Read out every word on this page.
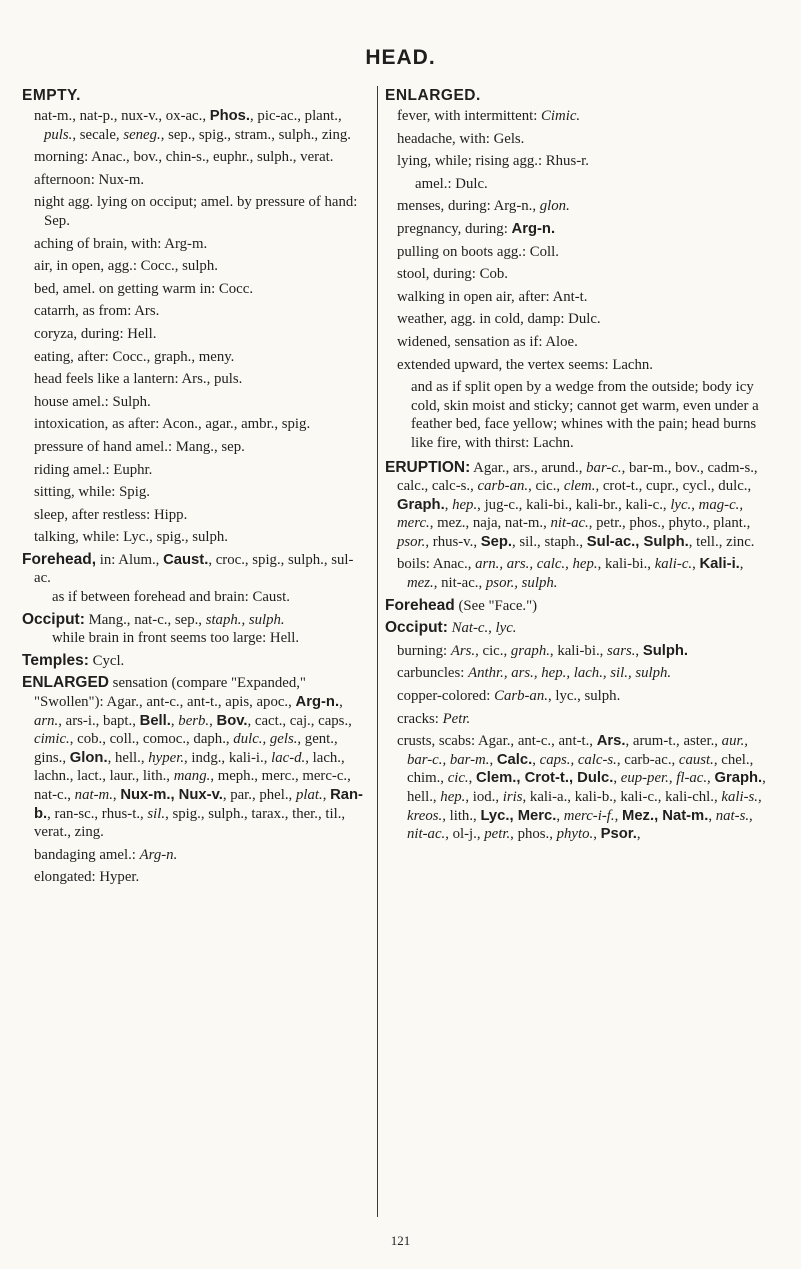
HEAD.
EMPTY.

nat-m., nat-p., nux-v., ox-ac., Phos., pic-ac., plant., puls., secale, seneg., sep., spig., stram., sulph., zing.

morning: Anac., bov., chin-s., euphr., sulph., verat.

afternoon: Nux-m.

night agg. lying on occiput; amel. by pressure of hand: Sep.

aching of brain, with: Arg-m.

air, in open, agg.: Cocc., sulph.

bed, amel. on getting warm in: Cocc.

catarrh, as from: Ars.

coryza, during: Hell.

eating, after: Cocc., graph., meny.

head feels like a lantern: Ars., puls.

house amel.: Sulph.

intoxication, as after: Acon., agar., ambr., spig.

pressure of hand amel.: Mang., sep.

riding amel.: Euphr.

sitting, while: Spig.

sleep, after restless: Hipp.

talking, while: Lyc., spig., sulph.

Forehead, in: Alum., Caust., croc., spig., sulph., sul-ac.

as if between forehead and brain: Caust.

Occiput: Mang., nat-c., sep., staph., sulph.

while brain in front seems too large: Hell.

Temples: Cycl.

ENLARGED sensation (compare "Expanded," "Swollen"): Agar., ant-c., ant-t., apis, apoc., Arg-n., arn., ars-i., bapt., Bell., berb., Bov., cact., caj., caps., cimic., cob., coll., comoc., daph., dulc., gels., gent., gins., Glon., hell., hyper., indg., kali-i., lac-d., lach., lachn., lact., laur., lith., mang., meph., merc., merc-c., nat-c., nat-m., Nux-m., Nux-v., par., phel., plat., Ran-b., ran-sc., rhus-t., sil., spig., sulph., tarax., ther., til., verat., zing.

bandaging amel.: Arg-n.

elongated: Hyper.

ENLARGED.

fever, with intermittent: Cimic.

headache, with: Gels.

lying, while; rising agg.: Rhus-r.

amel.: Dulc.

menses, during: Arg-n., glon.

pregnancy, during: Arg-n.

pulling on boots agg.: Coll.

stool, during: Cob.

walking in open air, after: Ant-t.

weather, agg. in cold, damp: Dulc.

widened, sensation as if: Aloe.

extended upward, the vertex seems: Lachn.

and as if split open by a wedge from the outside; body icy cold, skin moist and sticky; cannot get warm, even under a feather bed, face yellow; whines with the pain; head burns like fire, with thirst: Lachn.

ERUPTION: Agar., ars., arund., bar-c., bar-m., bov., cadm-s., calc., calc-s., carb-an., cic., clem., crot-t., cupr., cycl., dulc., Graph., hep., jug-c., kali-bi., kali-br., kali-c., lyc., mag-c., merc., mez., naja, nat-m., nit-ac., petr., phos., phyto., plant., psor., rhus-v., Sep., sil., staph., Sul-ac., Sulph., tell., zinc.

boils: Anac., arn., ars., calc., hep., kali-bi., kali-c., Kali-i., mez., nit-ac., psor., sulph.

Forehead (See "Face.")

Occiput: Nat-c., lyc.

burning: Ars., cic., graph., kali-bi., sars., Sulph.

carbuncles: Anthr., ars., hep., lach., sil., sulph.

copper-colored: Carb-an., lyc., sulph.

cracks: Petr.

crusts, scabs: Agar., ant-c., ant-t., Ars., arum-t., aster., aur., bar-c., bar-m., Calc., caps., calc-s., carb-ac., caust., chel., chim., cic., Clem., Crot-t., Dulc., eup-per., fl-ac., Graph., hell., hep., iod., iris, kali-a., kali-b., kali-c., kali-chl., kali-s., kreos., lith., Lyc., Merc., merc-i-f., Mez., Nat-m., nat-s., nit-ac., ol-j., petr., phos., phyto., Psor.,

121
